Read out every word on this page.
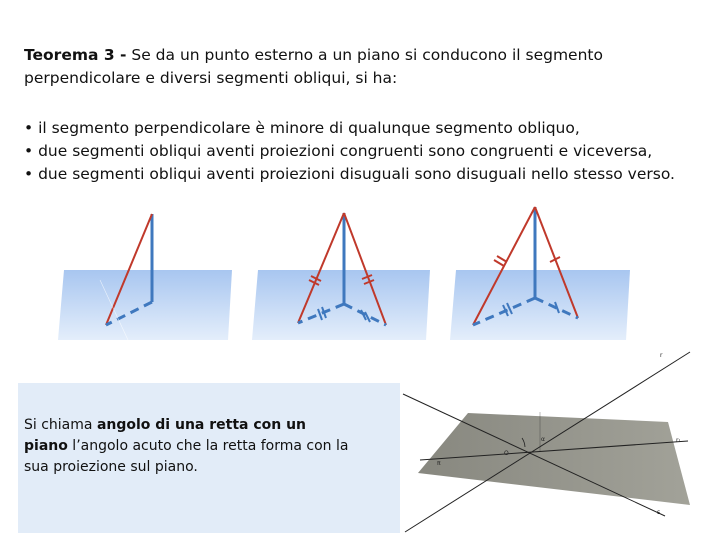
Teorema 3 - Se da un punto esterno a un piano si conducono il segmento perpendicolare e diversi segmenti obliqui, si ha:
• il segmento perpendicolare è minore di qualunque segmento obliquo,
• due segmenti obliqui aventi proiezioni congruenti sono congruenti e viceversa,
• due segmenti obliqui aventi proiezioni disuguali sono disuguali nello stesso verso.
r
r₁
α
O
π
s
Si chiama angolo di una retta con un piano l’angolo acuto che la retta forma con la sua proiezione sul piano.
